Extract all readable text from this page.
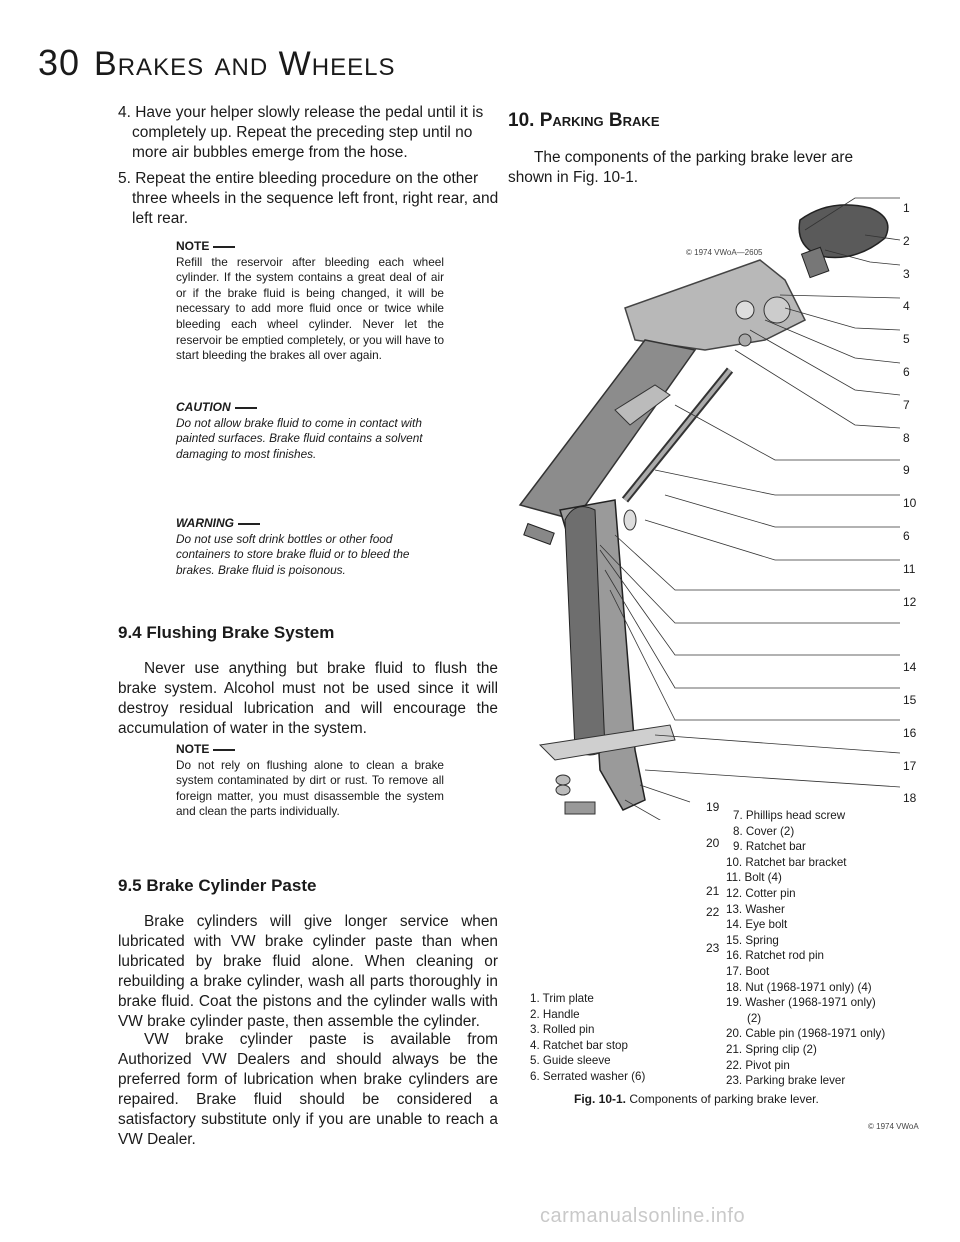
30 Brakes and Wheels

4. Have your helper slowly release the pedal until it is completely up. Repeat the preceding step until no more air bubbles emerge from the hose.

5. Repeat the entire bleeding procedure on the other three wheels in the sequence left front, right rear, and left rear.

NOTE

Refill the reservoir after bleeding each wheel cylinder. If the system contains a great deal of air or if the brake fluid is being changed, it will be necessary to add more fluid once or twice while bleeding each wheel cylinder. Never let the reservoir be emptied completely, or you will have to start bleeding the brakes all over again.

CAUTION

Do not allow brake fluid to come in contact with painted surfaces. Brake fluid contains a solvent damaging to most finishes.

WARNING

Do not use soft drink bottles or other food containers to store brake fluid or to bleed the brakes. Brake fluid is poisonous.

9.4 Flushing Brake System
Never use anything but brake fluid to flush the brake system. Alcohol must not be used since it will destroy residual lubrication and will encourage the accumulation of water in the system.
NOTE

Do not rely on flushing alone to clean a brake system contaminated by dirt or rust. To remove all foreign matter, you must disassemble the system and clean the parts individually.

9.5 Brake Cylinder Paste
Brake cylinders will give longer service when lubricated with VW brake cylinder paste than when lubricated by brake fluid alone. When cleaning or rebuilding a brake cylinder, wash all parts thoroughly in brake fluid. Coat the pistons and the cylinder walls with VW brake cylinder paste, then assemble the cylinder.
VW brake cylinder paste is available from Authorized VW Dealers and should always be the preferred form of lubrication when brake cylinders are repaired. Brake fluid should be considered a satisfactory substitute only if you are unable to reach a VW Dealer.
10. Parking Brake
The components of the parking brake lever are shown in Fig. 10-1.
© 1974 VWoA—2605
1
2
3
4
5
6
7
8
9
10
6
11
12
14
15
16
17
18
19
20
21
22
23
7. Phillips head screw
8. Cover (2)
9. Ratchet bar
10. Ratchet bar bracket
11. Bolt (4)
12. Cotter pin
13. Washer
14. Eye bolt
15. Spring
16. Ratchet rod pin
17. Boot
18. Nut (1968-1971 only) (4)
19. Washer (1968-1971 only)
(2)
20. Cable pin (1968-1971 only)
21. Spring clip (2)
22. Pivot pin
23. Parking brake lever
1. Trim plate
2. Handle
3. Rolled pin
4. Ratchet bar stop
5. Guide sleeve
6. Serrated washer (6)
Fig. 10-1. Components of parking brake lever.
© 1974 VWoA
carmanualsonline.info
